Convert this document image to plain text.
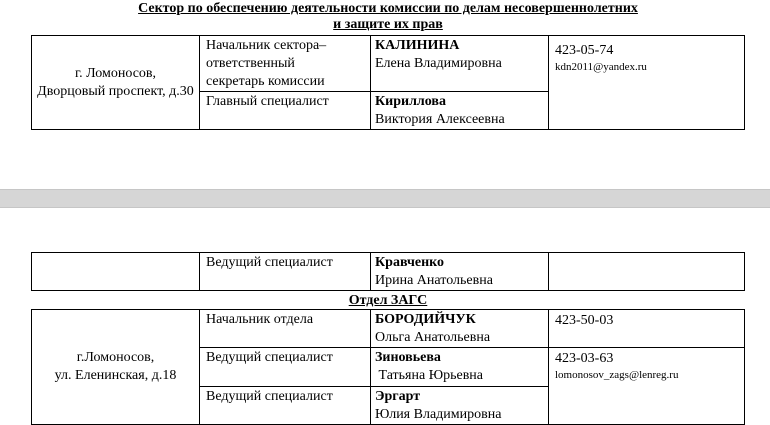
Сектор по обеспечению деятельности комиссии по делам несовершеннолетних
и защите их прав
г. Ломоносов,
Дворцовый проспект, д.30	Начальник сектора–
ответственный
секретарь комиссии	КАЛИНИНА
Елена Владимировна	423-05-74
kdn2011@yandex.ru

	Главный специалист	Кириллова
Виктория Алексеевна	
	Ведущий специалист	Кравченко
Ирина Анатольевна	
Отдел ЗАГС
г.Ломоносов,
ул. Еленинская, д.18	Начальник отдела	БОРОДИЙЧУК
Ольга Анатольевна	423-50-03

	Ведущий специалист	Зиновьева
Татьяна Юрьевна	423-03-63
lomonosov_zags@lenreg.ru

	Ведущий специалист	Эргарт
Юлия Владимировна	
